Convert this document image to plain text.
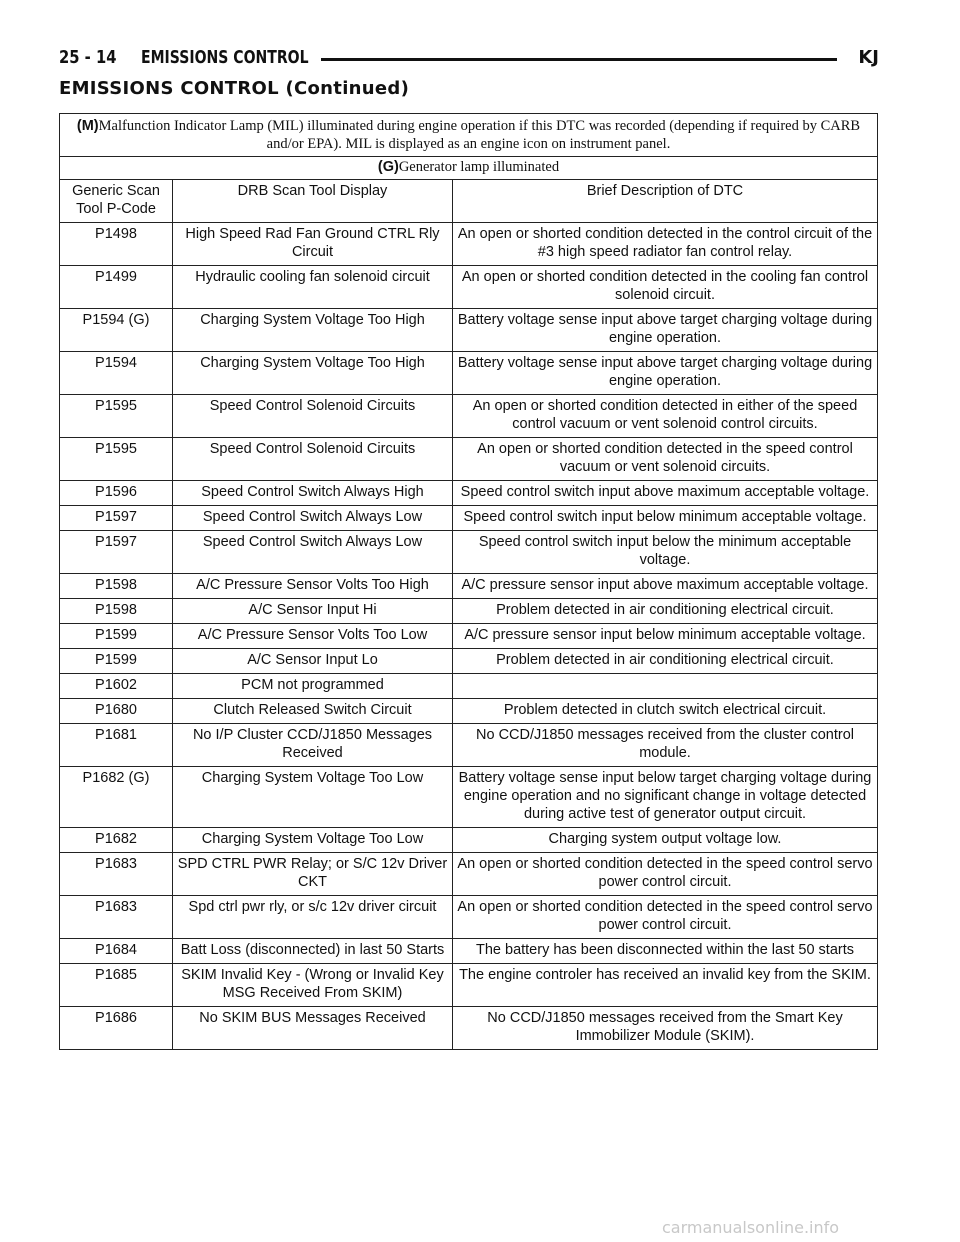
25 - 14 EMISSIONS CONTROL	KJ
EMISSIONS CONTROL (Continued)
(M)Malfunction Indicator Lamp (MIL) illuminated during engine operation if this DTC was recorded (depending if required by CARB and/or EPA). MIL is displayed as an engine icon on instrument panel.		
(G)Generator lamp illuminated		
Generic Scan Tool P-Code	DRB Scan Tool Display	Brief Description of DTC
P1498	High Speed Rad Fan Ground CTRL Rly Circuit	An open or shorted condition detected in the control circuit of the #3 high speed radiator fan control relay.
P1499	Hydraulic cooling fan solenoid circuit	An open or shorted condition detected in the cooling fan control solenoid circuit.
P1594 (G)	Charging System Voltage Too High	Battery voltage sense input above target charging voltage during engine operation.
P1594	Charging System Voltage Too High	Battery voltage sense input above target charging voltage during engine operation.
P1595	Speed Control Solenoid Circuits	An open or shorted condition detected in either of the speed control vacuum or vent solenoid control circuits.
P1595	Speed Control Solenoid Circuits	An open or shorted condition detected in the speed control vacuum or vent solenoid circuits.
P1596	Speed Control Switch Always High	Speed control switch input above maximum acceptable voltage.
P1597	Speed Control Switch Always Low	Speed control switch input below minimum acceptable voltage.
P1597	Speed Control Switch Always Low	Speed control switch input below the minimum acceptable voltage.
P1598	A/C Pressure Sensor Volts Too High	A/C pressure sensor input above maximum acceptable voltage.
P1598	A/C Sensor Input Hi	Problem detected in air conditioning electrical circuit.
P1599	A/C Pressure Sensor Volts Too Low	A/C pressure sensor input below minimum acceptable voltage.
P1599	A/C Sensor Input Lo	Problem detected in air conditioning electrical circuit.
P1602	PCM not programmed	
P1680	Clutch Released Switch Circuit	Problem detected in clutch switch electrical circuit.
P1681	No I/P Cluster CCD/J1850 Messages Received	No CCD/J1850 messages received from the cluster control module.
P1682 (G)	Charging System Voltage Too Low	Battery voltage sense input below target charging voltage during engine operation and no significant change in voltage detected during active test of generator output circuit.
P1682	Charging System Voltage Too Low	Charging system output voltage low.
P1683	SPD CTRL PWR Relay; or S/C 12v Driver CKT	An open or shorted condition detected in the speed control servo power control circuit.
P1683	Spd ctrl pwr rly, or s/c 12v driver circuit	An open or shorted condition detected in the speed control servo power control circuit.
P1684	Batt Loss (disconnected) in last 50 Starts	The battery has been disconnected within the last 50 starts
P1685	SKIM Invalid Key - (Wrong or Invalid Key MSG Received From SKIM)	The engine controler has received an invalid key from the SKIM.
P1686	No SKIM BUS Messages Received	No CCD/J1850 messages received from the Smart Key Immobilizer Module (SKIM).
carmanualsonline.info
